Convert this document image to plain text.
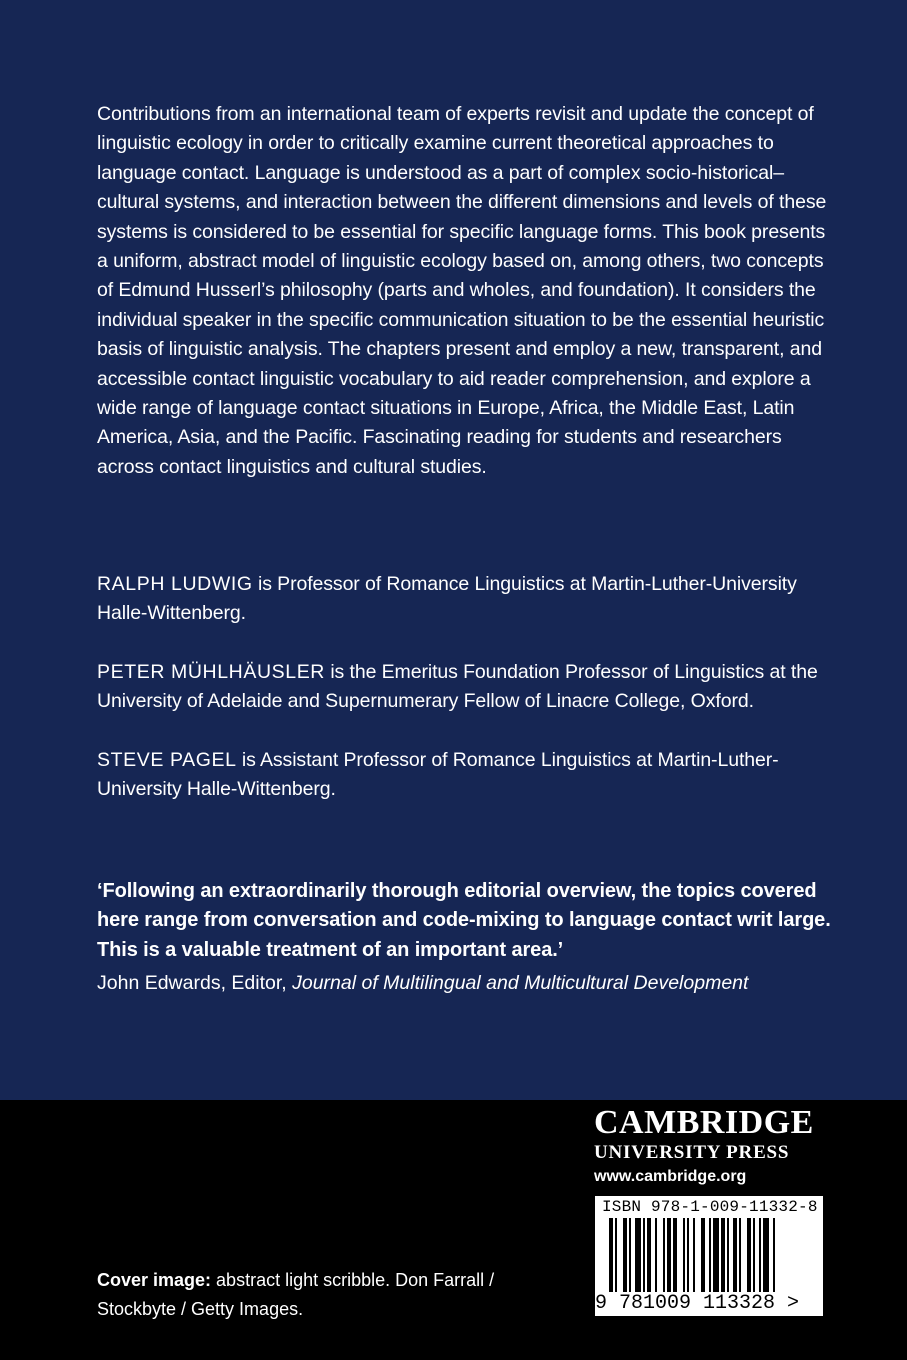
Contributions from an international team of experts revisit and update the concept of linguistic ecology in order to critically examine current theoretical approaches to language contact. Language is understood as a part of complex socio-historical–cultural systems, and interaction between the different dimensions and levels of these systems is considered to be essential for specific language forms. This book presents a uniform, abstract model of linguistic ecology based on, among others, two concepts of Edmund Husserl’s philosophy (parts and wholes, and foundation). It considers the individual speaker in the specific communication situation to be the essential heuristic basis of linguistic analysis. The chapters present and employ a new, transparent, and accessible contact linguistic vocabulary to aid reader comprehension, and explore a wide range of language contact situations in Europe, Africa, the Middle East, Latin America, Asia, and the Pacific. Fascinating reading for students and researchers across contact linguistics and cultural studies.

RALPH LUDWIG is Professor of Romance Linguistics at Martin-Luther-University Halle-Wittenberg.

PETER MÜHLHÄUSLER is the Emeritus Foundation Professor of Linguistics at the University of Adelaide and Supernumerary Fellow of Linacre College, Oxford.

STEVE PAGEL is Assistant Professor of Romance Linguistics at Martin-Luther-University Halle-Wittenberg.

‘Following an extraordinarily thorough editorial overview, the topics covered here range from conversation and code-mixing to language contact writ large. This is a valuable treatment of an important area.’

John Edwards, Editor, Journal of Multilingual and Multicultural Development

CAMBRIDGE

UNIVERSITY PRESS

www.cambridge.org

ISBN 978-1-009-11332-8
9 781009 113328 >

Cover image: abstract light scribble. Don Farrall / Stockbyte / Getty Images.
